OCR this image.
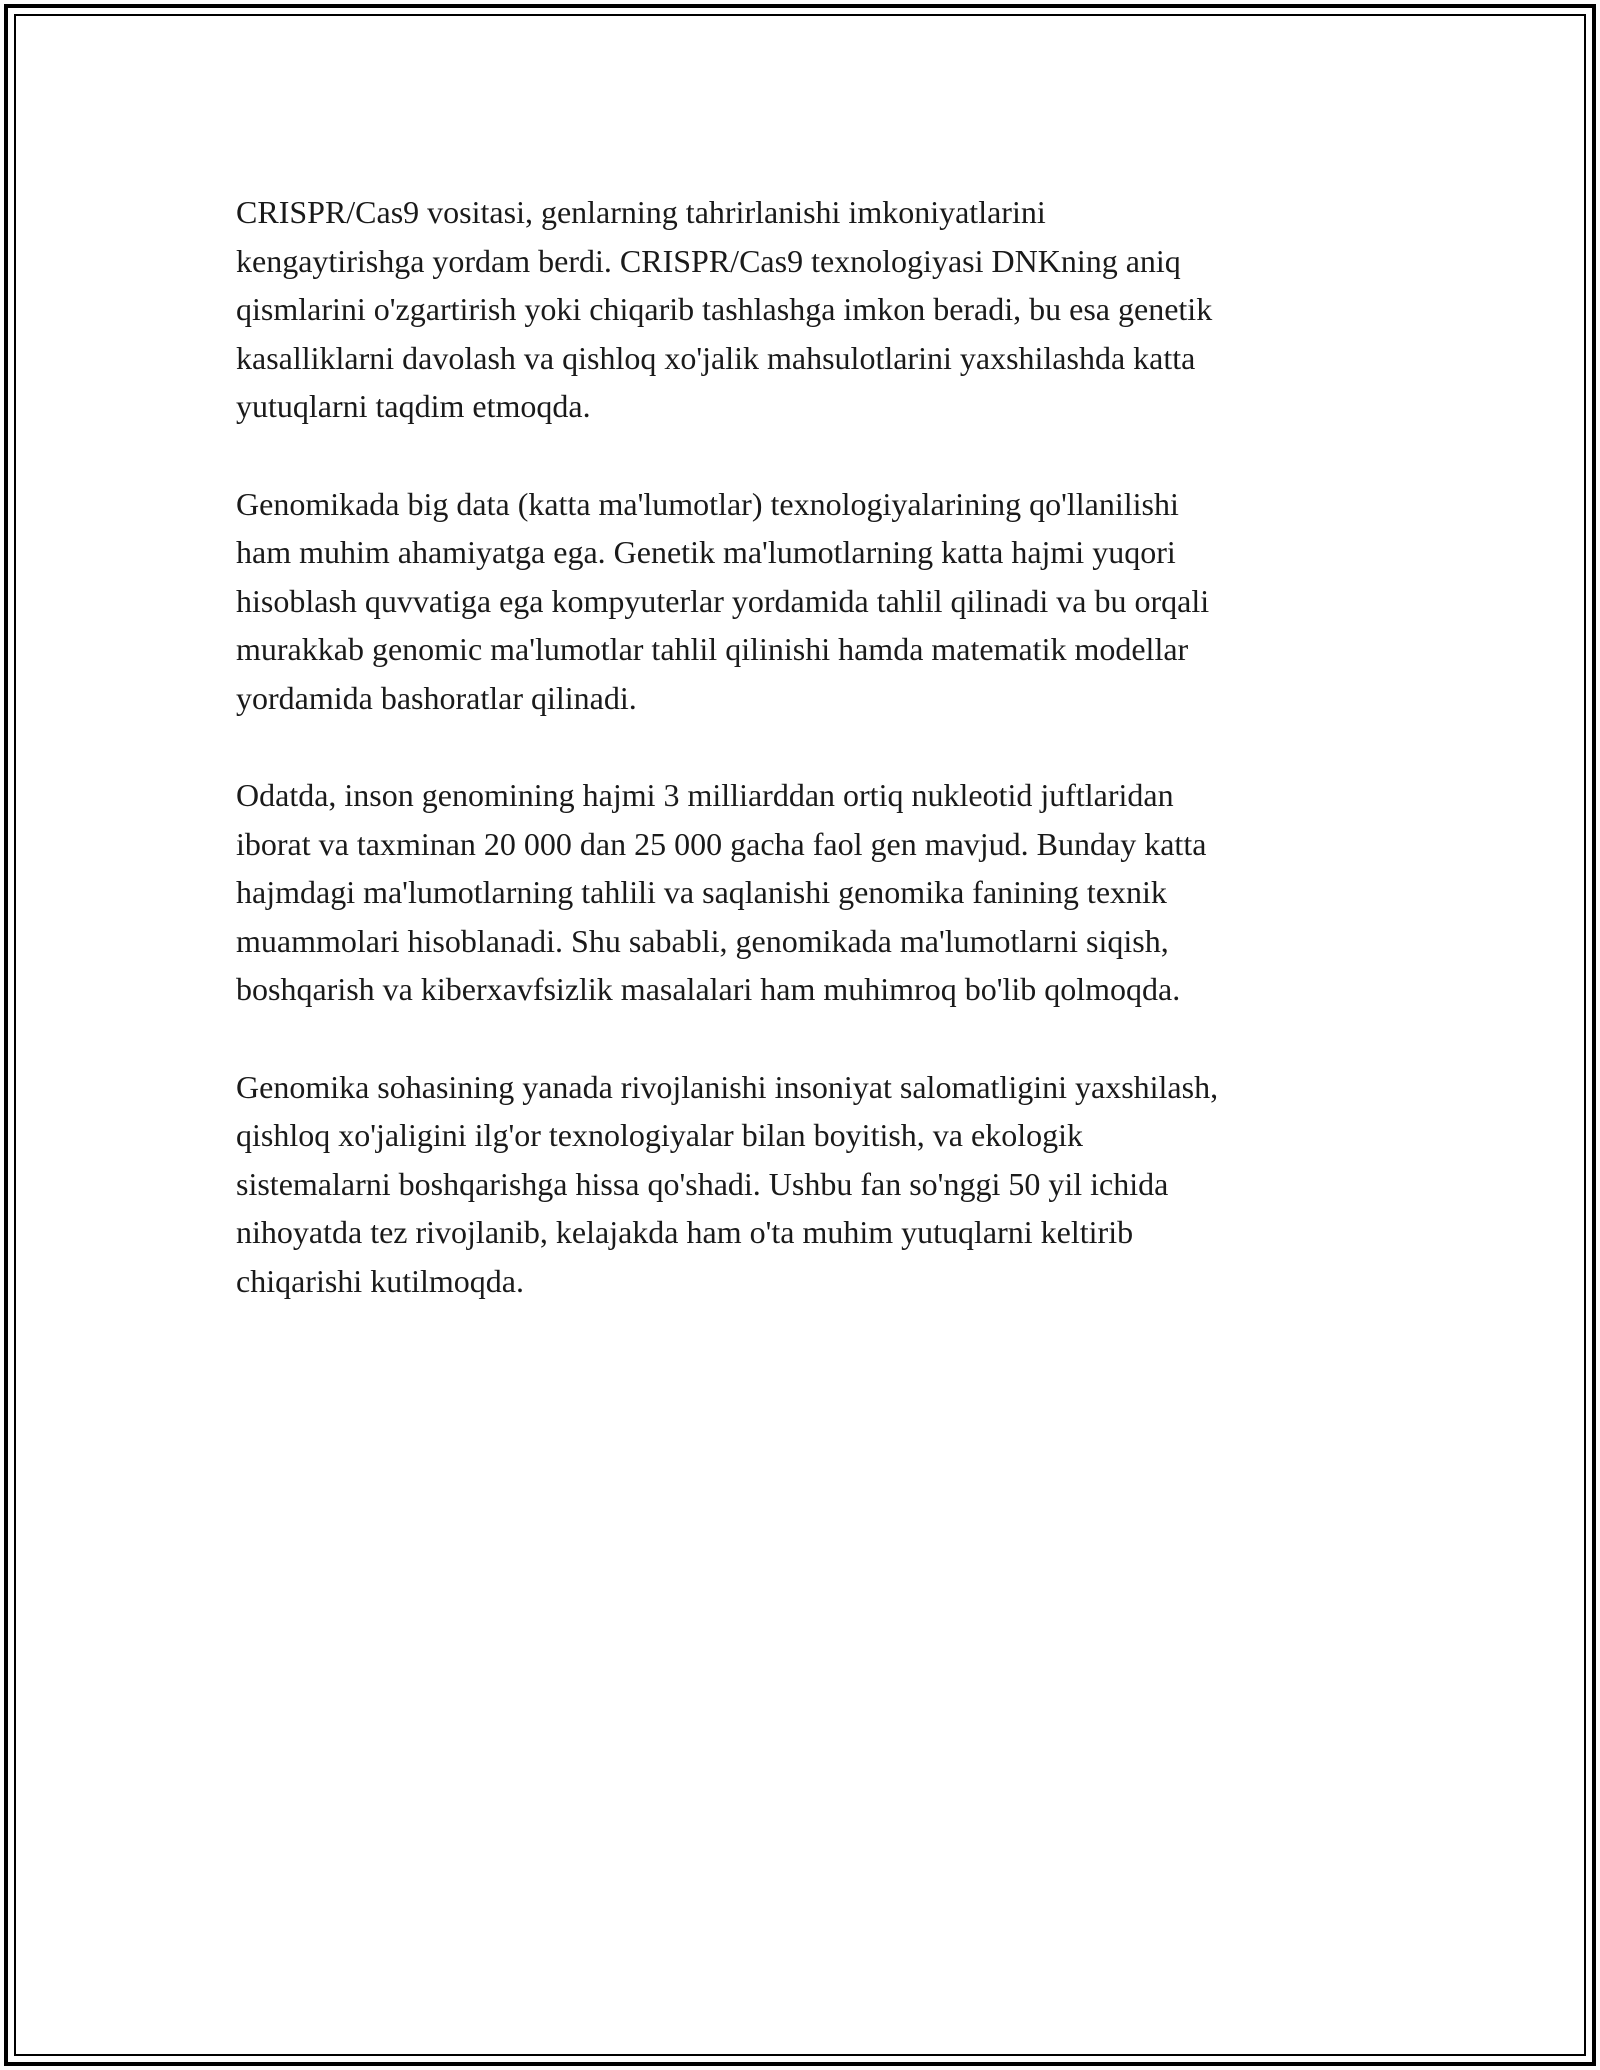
CRISPR/Cas9 vositasi, genlarning tahrirlanishi imkoniyatlarini
kengaytirishga yordam berdi. CRISPR/Cas9 texnologiyasi DNKning aniq
qismlarini o'zgartirish yoki chiqarib tashlashga imkon beradi, bu esa genetik
kasalliklarni davolash va qishloq xo'jalik mahsulotlarini yaxshilashda katta
yutuqlarni taqdim etmoqda.

Genomikada big data (katta ma'lumotlar) texnologiyalarining qo'llanilishi
ham muhim ahamiyatga ega. Genetik ma'lumotlarning katta hajmi yuqori
hisoblash quvvatiga ega kompyuterlar yordamida tahlil qilinadi va bu orqali
murakkab genomic ma'lumotlar tahlil qilinishi hamda matematik modellar
yordamida bashoratlar qilinadi.

Odatda, inson genomining hajmi 3 milliarddan ortiq nukleotid juftlaridan
iborat va taxminan 20 000 dan 25 000 gacha faol gen mavjud. Bunday katta
hajmdagi ma'lumotlarning tahlili va saqlanishi genomika fanining texnik
muammolari hisoblanadi. Shu sababli, genomikada ma'lumotlarni siqish,
boshqarish va kiberxavfsizlik masalalari ham muhimroq bo'lib qolmoqda.

Genomika sohasining yanada rivojlanishi insoniyat salomatligini yaxshilash,
qishloq xo'jaligini ilg'or texnologiyalar bilan boyitish, va ekologik
sistemalarni boshqarishga hissa qo'shadi. Ushbu fan so'nggi 50 yil ichida
nihoyatda tez rivojlanib, kelajakda ham o'ta muhim yutuqlarni keltirib
chiqarishi kutilmoqda.
